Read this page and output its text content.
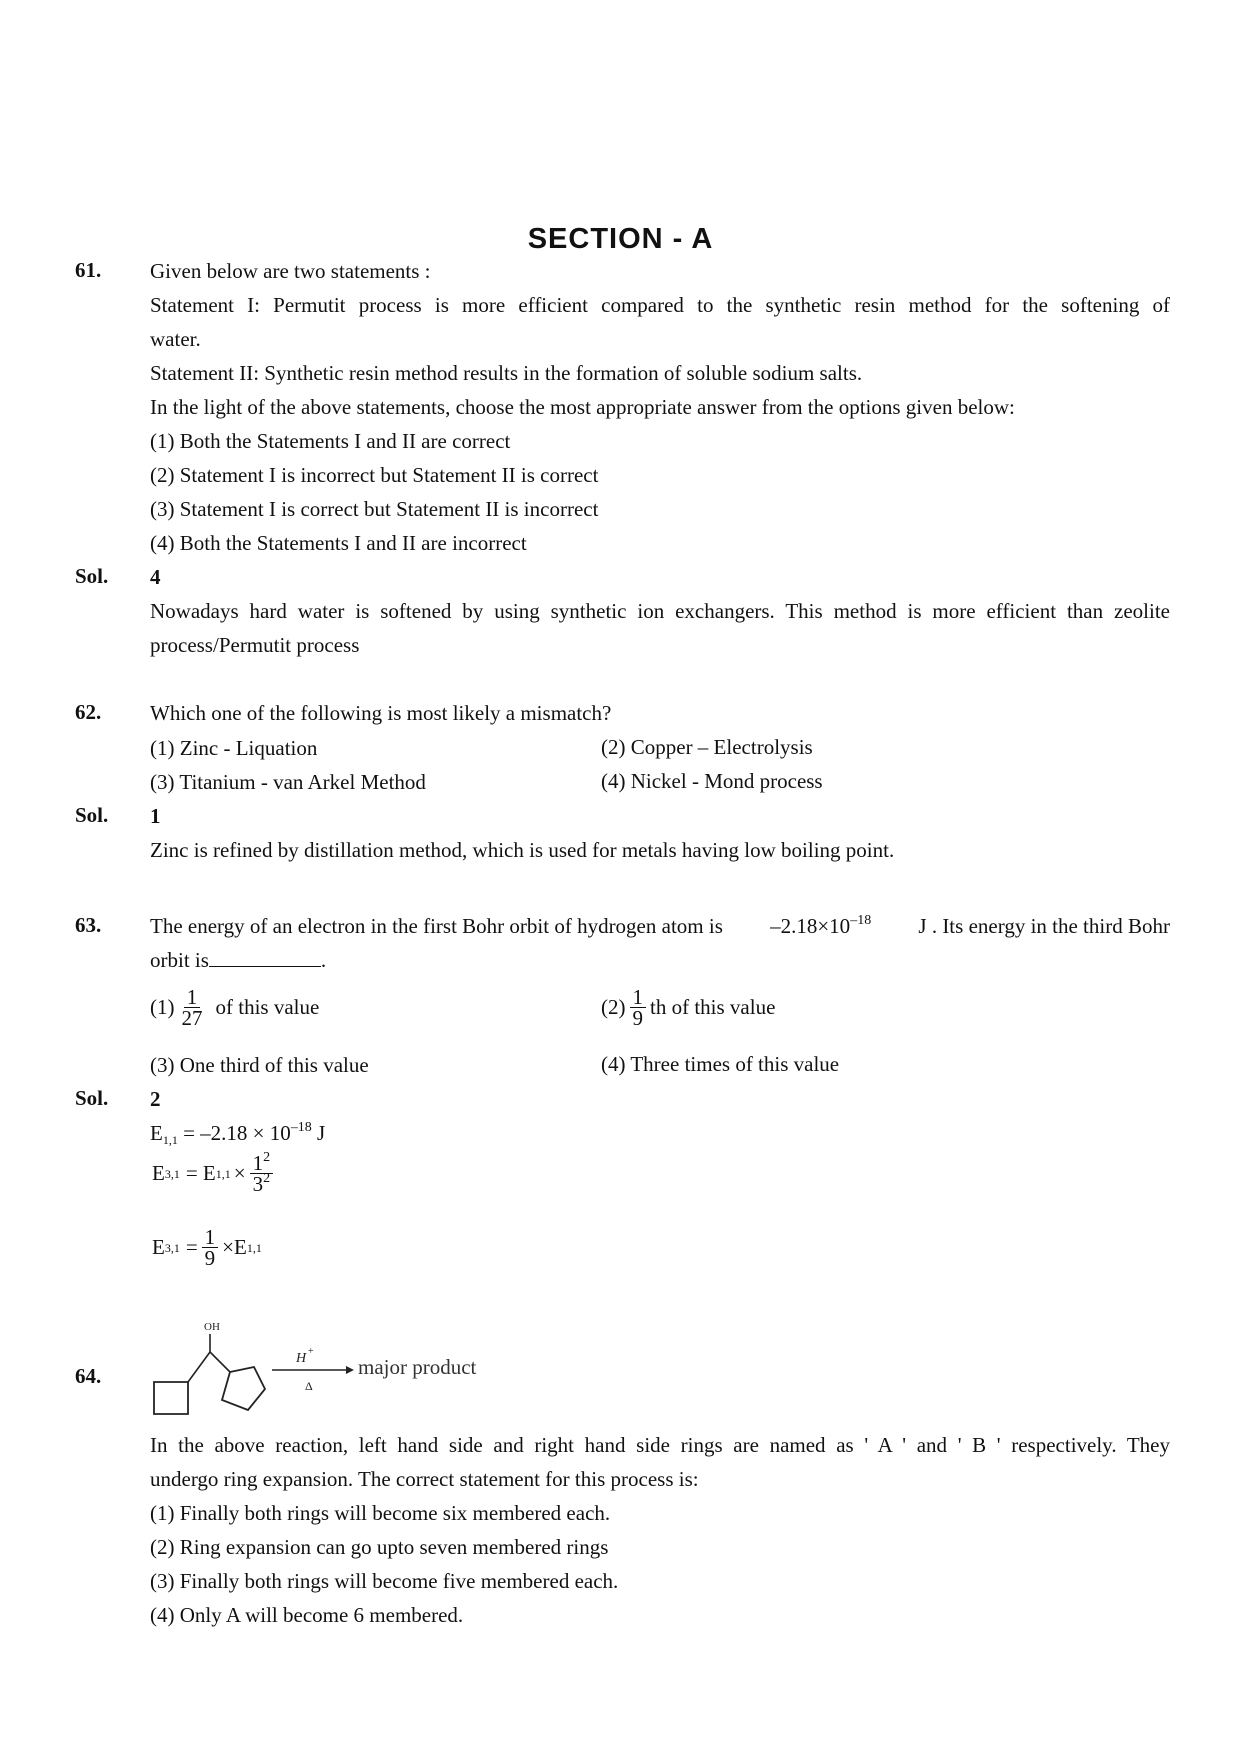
SECTION - A
61. Given below are two statements :
Statement I: Permutit process is more efficient compared to the synthetic resin method for the softening of
water.
Statement II: Synthetic resin method results in the formation of soluble sodium salts.
In the light of the above statements, choose the most appropriate answer from the options given below:
(1) Both the Statements I and II are correct
(2) Statement I is incorrect but Statement II is correct
(3) Statement I is correct but Statement II is incorrect
(4) Both the Statements I and II are incorrect
Sol. 4
Nowadays hard water is softened by using synthetic ion exchangers. This method is more efficient than zeolite
process/Permutit process
62. Which one of the following is most likely a mismatch?
(1) Zinc - Liquation	(2) Copper – Electrolysis
(3) Titanium - van Arkel Method	(4) Nickel - Mond process
Sol. 1
Zinc is refined by distillation method, which is used for metals having low boiling point.
63. The energy of an electron in the first Bohr orbit of hydrogen atom is $-2.18\times 10^{-18}$ J . Its energy in the third Bohr
orbit is	.
$(1) \frac{1}{27}$ of this value	$(2) \frac{1}{9}$ th of this value
(3) One third of this value	(4) Three times of this value
Sol. 2
$E_{1,1} = -2.18 \times 10^{-18}$ J
E 3,1 = E $1,1 \times \frac{1^2}{3^2}$
E $3,1 = \frac{1}{9} \times E$ 1,1
64.
OH
H +
Δ
major product
In the above reaction, left hand side and right hand side rings are named as ' A ' and ' B ' respectively. They
undergo ring expansion. The correct statement for this process is:
(1) Finally both rings will become six membered each.
(2) Ring expansion can go upto seven membered rings
(3) Finally both rings will become five membered each.
(4) Only A will become 6 membered.
